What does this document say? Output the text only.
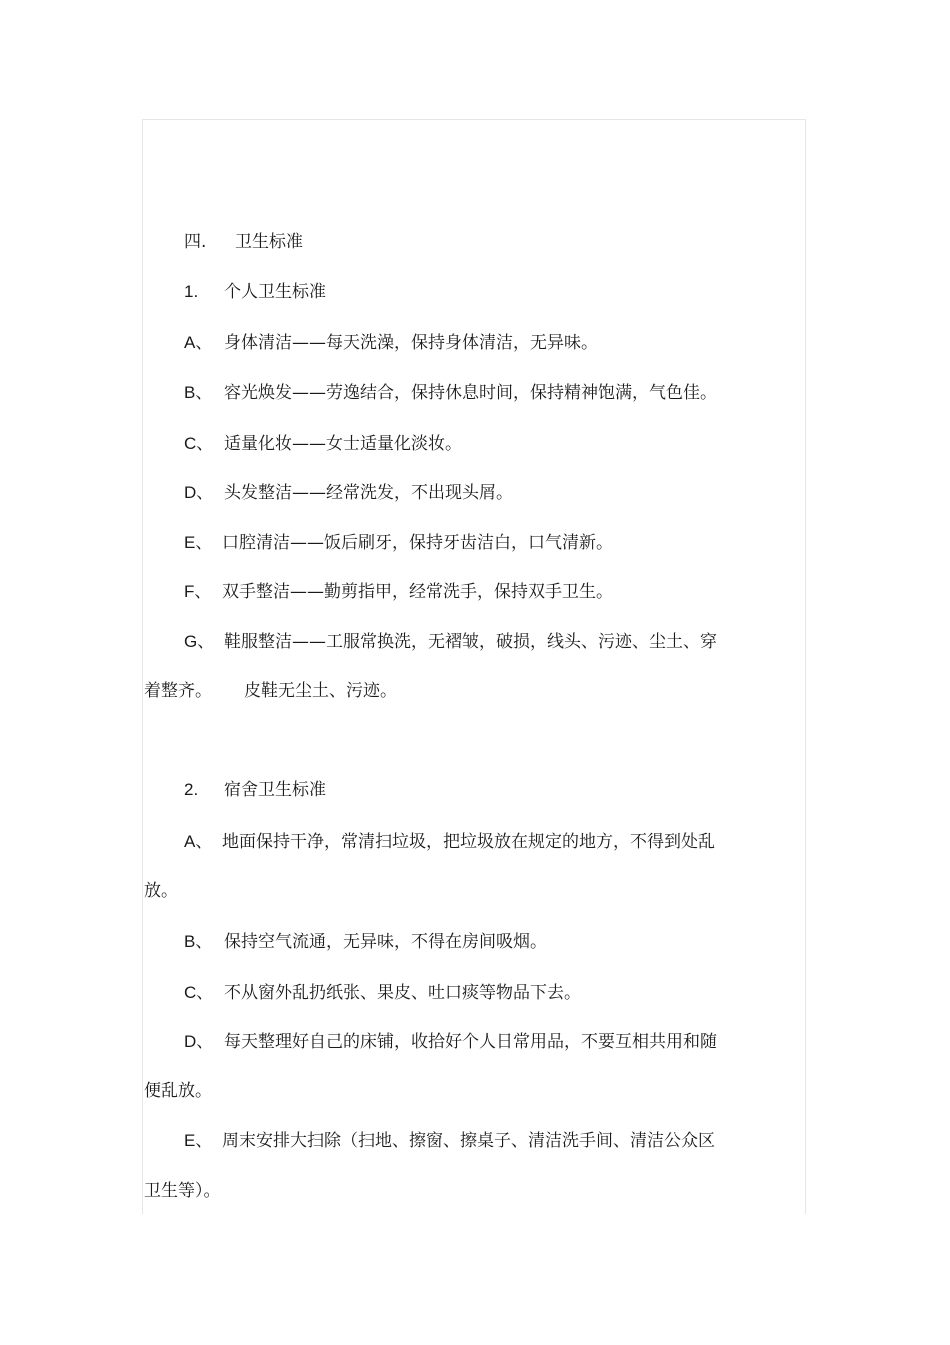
四. 卫生标准
1. 个人卫生标准
A、 身体清洁——每天洗澡，保持身体清洁，无异味。
B、 容光焕发——劳逸结合，保持休息时间，保持精神饱满，气色佳。
C、 适量化妆——女士适量化淡妆。
D、 头发整洁——经常洗发，不出现头屑。
E、 口腔清洁——饭后刷牙，保持牙齿洁白，口气清新。
F、 双手整洁——勤剪指甲，经常洗手，保持双手卫生。
G、 鞋服整洁——工服常换洗，无褶皱，破损，线头、污迹、尘土、穿
着整齐。 皮鞋无尘土、污迹。
2. 宿舍卫生标准
A、 地面保持干净，常清扫垃圾，把垃圾放在规定的地方，不得到处乱
放。
B、 保持空气流通，无异味，不得在房间吸烟。
C、 不从窗外乱扔纸张、果皮、吐口痰等物品下去。
D、 每天整理好自己的床铺，收拾好个人日常用品，不要互相共用和随
便乱放。
E、 周末安排大扫除（扫地、擦窗、擦桌子、清洁洗手间、清洁公众区
卫生等）。
